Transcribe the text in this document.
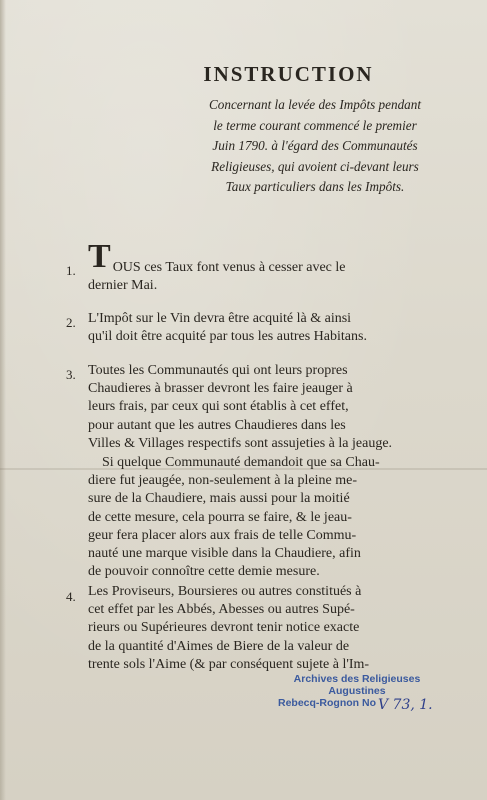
INSTRUCTION
Concernant la levée des Impôts pendant
le terme courant commencé le premier
Juin 1790. à l'égard des Communautés
Religieuses, qui avoient ci-devant leurs
Taux particuliers dans les Impôts.
1. T OUS ces Taux font venus à cesser avec le
dernier Mai.
2. L'Impôt sur le Vin devra être acquité là & ainsi
qu'il doit être acquité par tous les autres Habitans.
3. Toutes les Communautés qui ont leurs propres
Chaudieres à brasser devront les faire jeauger à
leurs frais, par ceux qui sont établis à cet effet,
pour autant que les autres Chaudieres dans les
Villes & Villages respectifs sont assujeties à la jeauge.
Si quelque Communauté demandoit que sa Chau-
diere fut jeaugée, non-seulement à la pleine me-
sure de la Chaudiere, mais aussi pour la moitié
de cette mesure, cela pourra se faire, & le jeau-
geur fera placer alors aux frais de telle Commu-
nauté une marque visible dans la Chaudiere, afin
de pouvoir connoître cette demie mesure.
4. Les Proviseurs, Boursieres ou autres constitués à
cet effet par les Abbés, Abesses ou autres Supé-
rieurs ou Supérieures devront tenir notice exacte
de la quantité d'Aimes de Biere de la valeur de
trente sols l'Aime (& par conséquent sujete à l'Im-
Archives des Religieuses
Augustines
Rebecq-Rognon No V 73, 1.
